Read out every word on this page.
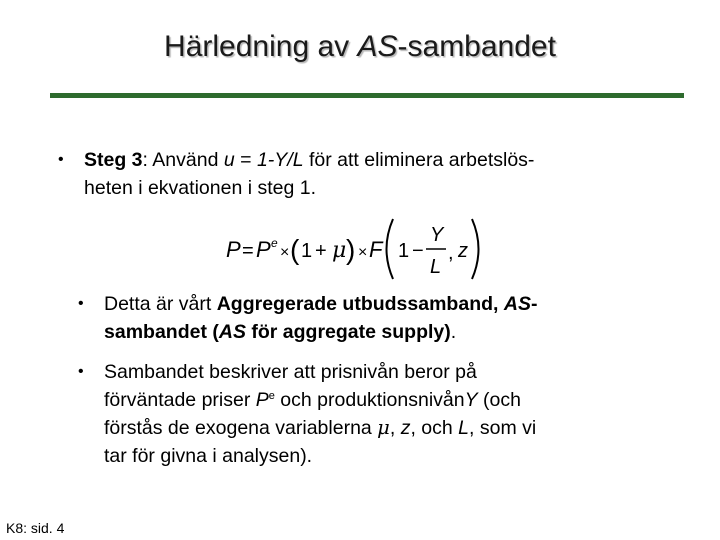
Härledning av AS-sambandet
• Steg 3: Använd u = 1-Y/L för att eliminera arbetslös-
heten i ekvationen i steg 1.
P = P e
× ( 1 + μ ) × F 1 −
Y
L
, z
• Detta är vårt Aggregerade utbudssamband, AS-
sambandet (AS för aggregate supply).
• Sambandet beskriver att prisnivån beror på
förväntade priser $P^e$ och produktionsnivånY (och
förstås de exogena variablerna μ, z, och L, som vi
tar för givna i analysen).
K8: sid. 4
